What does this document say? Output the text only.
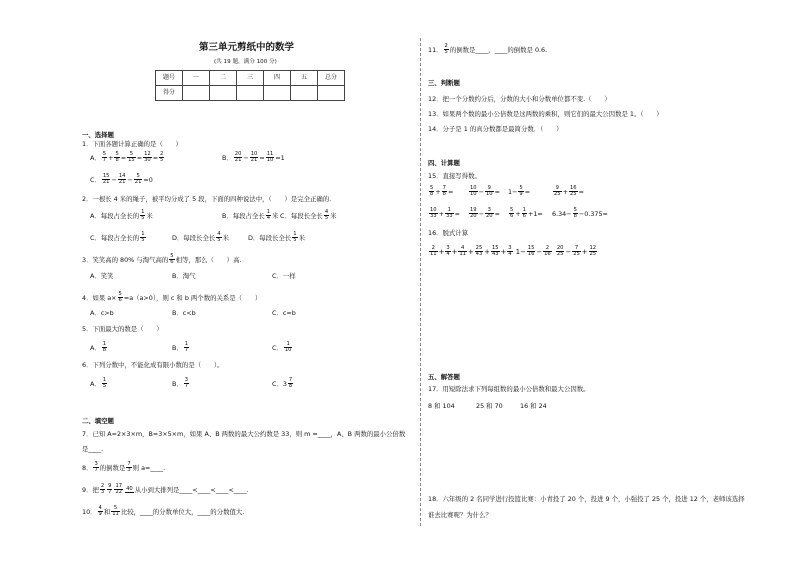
第三单元剪纸中的数学
(共 19 题，满分 100 分)
题号	一	二	三	四	五	总分
得分						
一、选择题
1．下面各题计算正确的是（　　）
A． $\frac{5}{7} + \frac{5}{8} = \frac{5}{15} = \frac{12}{30} = \frac{2}{5}$	B． $\frac{20}{21} - \frac{10}{21} = \frac{11}{10} =1$
C． $\frac{15}{21} - \frac{14}{21} - \frac{5}{21} =0$
2．一根长 4 米的绳子，被平均分成了 5 段，下面的四种说法中，（　　）是完全正确的.
A．每段占全长的 $\frac{1}{5}$ 米	B．每段占全长 $\frac{1}{4}$ 米 C．每段长全长 $\frac{4}{5}$ 米
C．每段占全长的 $\frac{1}{5}$	D．每段长全长 $\frac{4}{5}$ 米	D．每段长全长 $\frac{1}{5}$ 米
3．笑笑高的 80% 与淘气高的 $\frac{5}{6}$ 相等，那么（　　）高.
A．笑笑	B．淘气	C．一样
4．如果 $a\times \frac{5}{6} =a(a>0)$，则 c 和 b 两个数的关系是（　　）
A．c>b	B．c<b	C．c=b
5．下面最大的数是（　　）
A． $\frac{1}{8}$	B． $\frac{1}{7}$	C． $\frac{1}{10}$
6．下列分数中，不能化成有限小数的是（　　）。
A． $\frac{1}{5}$	B． $\frac{3}{7}$	C．$3 \frac{7}{8}$
二、填空题
7．已知 A=2×3×m，B=3×5×m，如果 A、B 两数的最大公约数是 33，则 m =____，A、B 两数的最小公倍数
是____.
8． $\frac{3}{7}$ 的倒数是 $\frac{7}{3}$ 则 a=____.
9．把 $\frac{2}{3} \frac{9}{7} \frac{17}{22} 40$ 从小到大排列是____<____<____<____.
10． $\frac{4}{9}$ 和 $\frac{5}{11}$ 比较，____的分数单位大，____的分数值大.
11． $\frac{2}{5}$ 的倒数是____，____的倒数是 0.6.
三、判断题
12．把一个分数约分后，分数的大小和分数单位都不变.（　　）
13．如果两个数的最小公倍数是这两数的乘积，则它们的最大公因数是 1。（　　）
14．分子是 1 的真分数都是最简分数．（　　）
四、计算题
15．直接写得数。
$\frac{5}{8} + \frac{7}{8}$ =	$\frac{10}{10} - \frac{9}{10} = 1- \frac{5}{9}$ =	$\frac{9}{25} + \frac{16}{25}$ =
$\frac{10}{33} + \frac{1}{33} = \frac{19}{20} - \frac{3}{20} = \frac{5}{6} + \frac{1}{6} +1= 6.34- \frac{5}{8} -0.375=$
16．脱式计算
$\frac{2}{11} + \frac{3}{4} + \frac{4}{11} + \frac{25}{43} + \frac{15}{43} + \frac{3}{4} 1- \frac{15}{16} - \frac{2}{16}$
$\frac{20}{25} - \frac{7}{25} + \frac{12}{25}$
五、解答题
17．用短除法求下列每组数的最小公倍数和最大公因数。
8 和 104	25 和 70	16 和 24
18．六年级的 2 名同学进行投篮比赛：小青投了 20 个，投进 9 个，小强投了 25 个，投进 12 个，老师该选择
谁去比赛呢？为什么？
